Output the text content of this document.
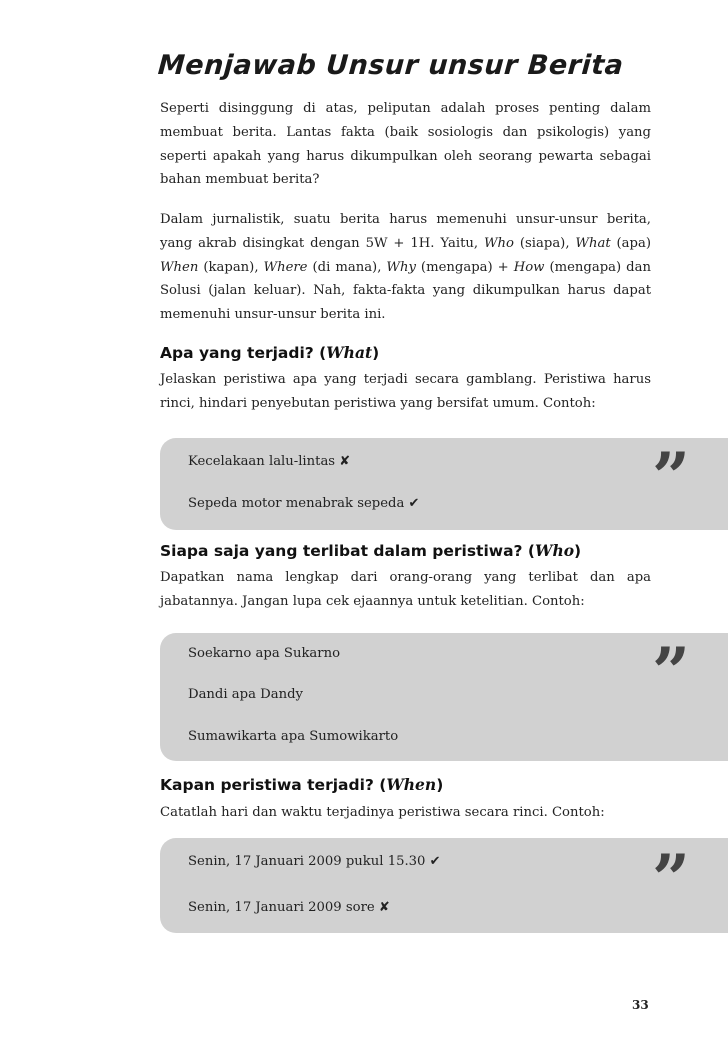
Menjawab Unsur unsur Berita

Seperti disinggung di atas, peliputan adalah proses penting dalam membuat berita. Lantas fakta (baik sosiologis dan psikologis) yang seperti apakah yang harus dikumpulkan oleh seorang pewarta sebagai bahan membuat berita?

Dalam jurnalistik, suatu berita harus memenuhi unsur-unsur berita, yang akrab disingkat dengan 5W + 1H. Yaitu, Who (siapa), What (apa) When (kapan), Where (di mana), Why (mengapa) + How (mengapa) dan Solusi (jalan keluar). Nah, fakta-fakta yang dikumpulkan harus dapat memenuhi unsur-unsur berita ini.

Apa yang terjadi? (What)

Jelaskan peristiwa apa yang terjadi secara gamblang. Peristiwa harus rinci, hindari penyebutan peristiwa yang bersifat umum. Contoh:

Kecelakaan lalu-lintas ✘
Sepeda motor menabrak sepeda ✔	”
Siapa saja yang terlibat dalam peristiwa? (Who)

Dapatkan nama lengkap dari orang-orang yang terlibat dan apa jabatannya. Jangan lupa cek ejaannya untuk ketelitian. Contoh:

Soekarno apa Sukarno
Dandi apa Dandy
Sumawikarta apa Sumowikarto
”
Kapan peristiwa terjadi? (When)

Catatlah hari dan waktu terjadinya peristiwa secara rinci. Contoh:

Senin, 17 Januari 2009 pukul 15.30 ✔
Senin, 17 Januari 2009 sore ✘	”
33
